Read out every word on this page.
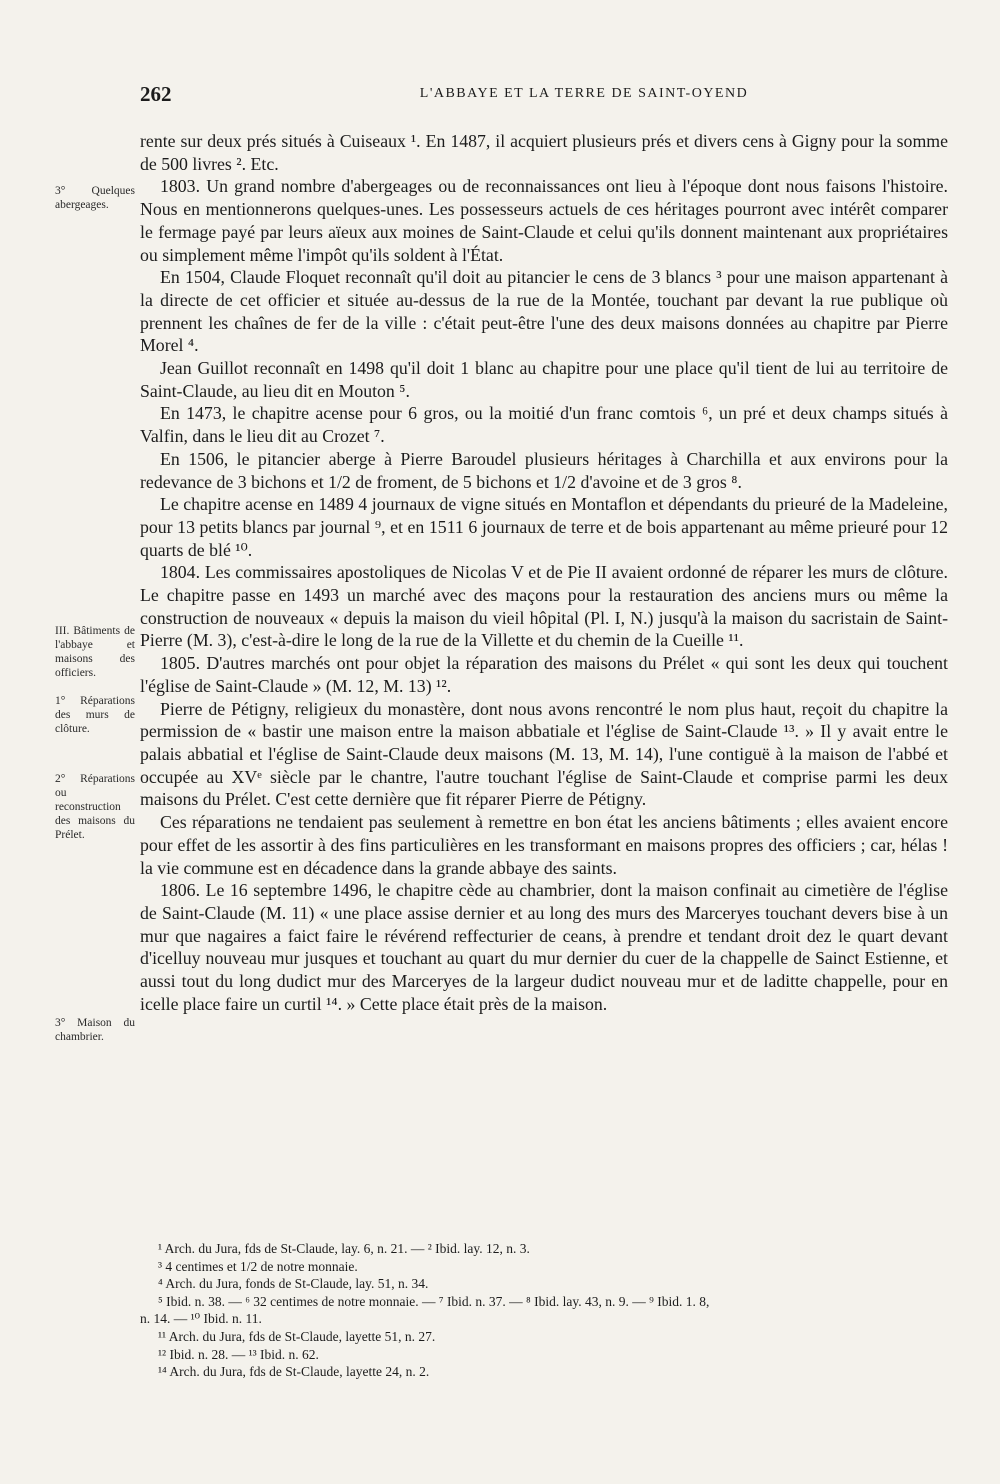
262	L'ABBAYE ET LA TERRE DE SAINT-OYEND
3° Quelques abergeages.
III. Bâtiments de l'abbaye et maisons des officiers.
1° Réparations des murs de clôture.
2° Réparations ou reconstruction des maisons du Prélet.
3° Maison du chambrier.

rente sur deux prés situés à Cuiseaux ¹. En 1487, il acquiert plusieurs prés et divers cens à Gigny pour la somme de 500 livres ². Etc.

1803. Un grand nombre d'abergeages ou de reconnaissances ont lieu à l'époque dont nous faisons l'histoire. Nous en mentionnerons quelques-unes. Les possesseurs actuels de ces héritages pourront avec intérêt comparer le fermage payé par leurs aïeux aux moines de Saint-Claude et celui qu'ils donnent maintenant aux propriétaires ou simplement même l'impôt qu'ils soldent à l'État.

En 1504, Claude Floquet reconnaît qu'il doit au pitancier le cens de 3 blancs ³ pour une maison appartenant à la directe de cet officier et située au-dessus de la rue de la Montée, touchant par devant la rue publique où prennent les chaînes de fer de la ville : c'était peut-être l'une des deux maisons données au chapitre par Pierre Morel ⁴.

Jean Guillot reconnaît en 1498 qu'il doit 1 blanc au chapitre pour une place qu'il tient de lui au territoire de Saint-Claude, au lieu dit en Mouton ⁵.

En 1473, le chapitre acense pour 6 gros, ou la moitié d'un franc comtois ⁶, un pré et deux champs situés à Valfin, dans le lieu dit au Crozet ⁷.

En 1506, le pitancier aberge à Pierre Baroudel plusieurs héritages à Charchilla et aux environs pour la redevance de 3 bichons et 1/2 de froment, de 5 bichons et 1/2 d'avoine et de 3 gros ⁸.

Le chapitre acense en 1489 4 journaux de vigne situés en Montaflon et dépendants du prieuré de la Madeleine, pour 13 petits blancs par journal ⁹, et en 1511 6 journaux de terre et de bois appartenant au même prieuré pour 12 quarts de blé ¹⁰.

1804. Les commissaires apostoliques de Nicolas V et de Pie II avaient ordonné de réparer les murs de clôture. Le chapitre passe en 1493 un marché avec des maçons pour la restauration des anciens murs ou même la construction de nouveaux « depuis la maison du vieil hôpital (Pl. I, N.) jusqu'à la maison du sacristain de Saint-Pierre (M. 3), c'est-à-dire le long de la rue de la Villette et du chemin de la Cueille ¹¹.

1805. D'autres marchés ont pour objet la réparation des maisons du Prélet « qui sont les deux qui touchent l'église de Saint-Claude » (M. 12, M. 13) ¹².

Pierre de Pétigny, religieux du monastère, dont nous avons rencontré le nom plus haut, reçoit du chapitre la permission de « bastir une maison entre la maison abbatiale et l'église de Saint-Claude ¹³. » Il y avait entre le palais abbatial et l'église de Saint-Claude deux maisons (M. 13, M. 14), l'une contiguë à la maison de l'abbé et occupée au XVᵉ siècle par le chantre, l'autre touchant l'église de Saint-Claude et comprise parmi les deux maisons du Prélet. C'est cette dernière que fit réparer Pierre de Pétigny.

Ces réparations ne tendaient pas seulement à remettre en bon état les anciens bâtiments ; elles avaient encore pour effet de les assortir à des fins particulières en les transformant en maisons propres des officiers ; car, hélas ! la vie commune est en décadence dans la grande abbaye des saints.

1806. Le 16 septembre 1496, le chapitre cède au chambrier, dont la maison confinait au cimetière de l'église de Saint-Claude (M. 11) « une place assise dernier et au long des murs des Marceryes touchant devers bise à un mur que nagaires a faict faire le révérend reffecturier de ceans, à prendre et tendant droit dez le quart devant d'icelluy nouveau mur jusques et touchant au quart du mur dernier du cuer de la chappelle de Sainct Estienne, et aussi tout du long dudict mur des Marceryes de la largeur dudict nouveau mur et de laditte chappelle, pour en icelle place faire un curtil ¹⁴. » Cette place était près de la maison.

¹ Arch. du Jura, fds de St-Claude, lay. 6, n. 21. — ² Ibid. lay. 12, n. 3.

³ 4 centimes et 1/2 de notre monnaie.

⁴ Arch. du Jura, fonds de St-Claude, lay. 51, n. 34.

⁵ Ibid. n. 38. — ⁶ 32 centimes de notre monnaie. — ⁷ Ibid. n. 37. — ⁸ Ibid. lay. 43, n. 9. — ⁹ Ibid. 1. 8,

n. 14. — ¹⁰ Ibid. n. 11.

¹¹ Arch. du Jura, fds de St-Claude, layette 51, n. 27.

¹² Ibid. n. 28. — ¹³ Ibid. n. 62.

¹⁴ Arch. du Jura, fds de St-Claude, layette 24, n. 2.
